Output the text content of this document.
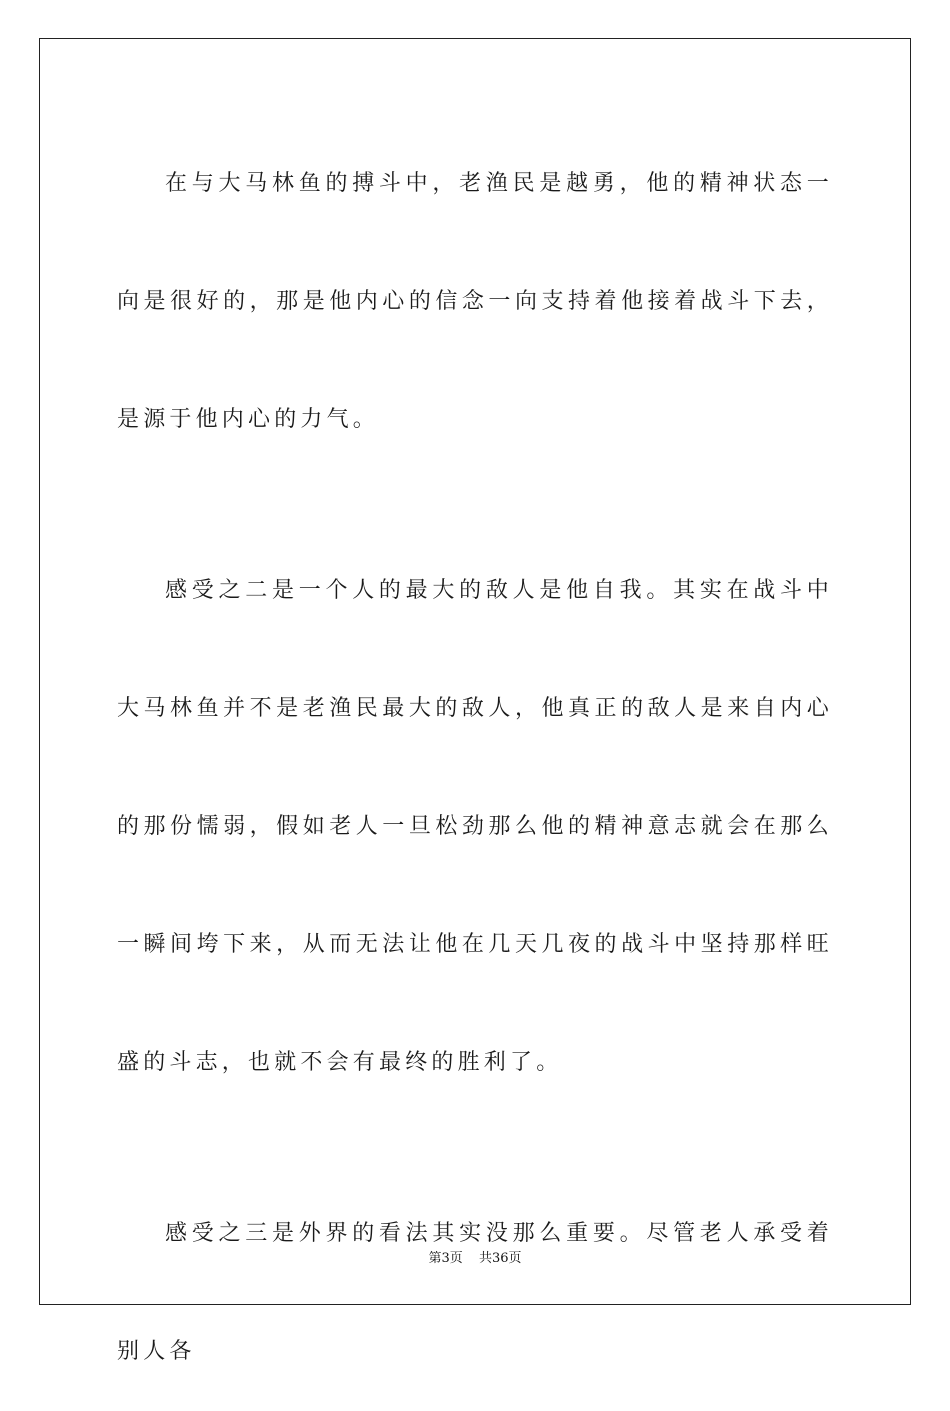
在与大马林鱼的搏斗中，老渔民是越勇，他的精神状态一向是很好的，那是他内心的信念一向支持着他接着战斗下去，是源于他内心的力气。

感受之二是一个人的最大的敌人是他自我。其实在战斗中大马林鱼并不是老渔民最大的敌人，他真正的敌人是来自内心的那份懦弱，假如老人一旦松劲那么他的精神意志就会在那么一瞬间垮下来，从而无法让他在几天几夜的战斗中坚持那样旺盛的斗志，也就不会有最终的胜利了。

感受之三是外界的看法其实没那么重要。尽管老人承受着别人各

第3页 共36页
